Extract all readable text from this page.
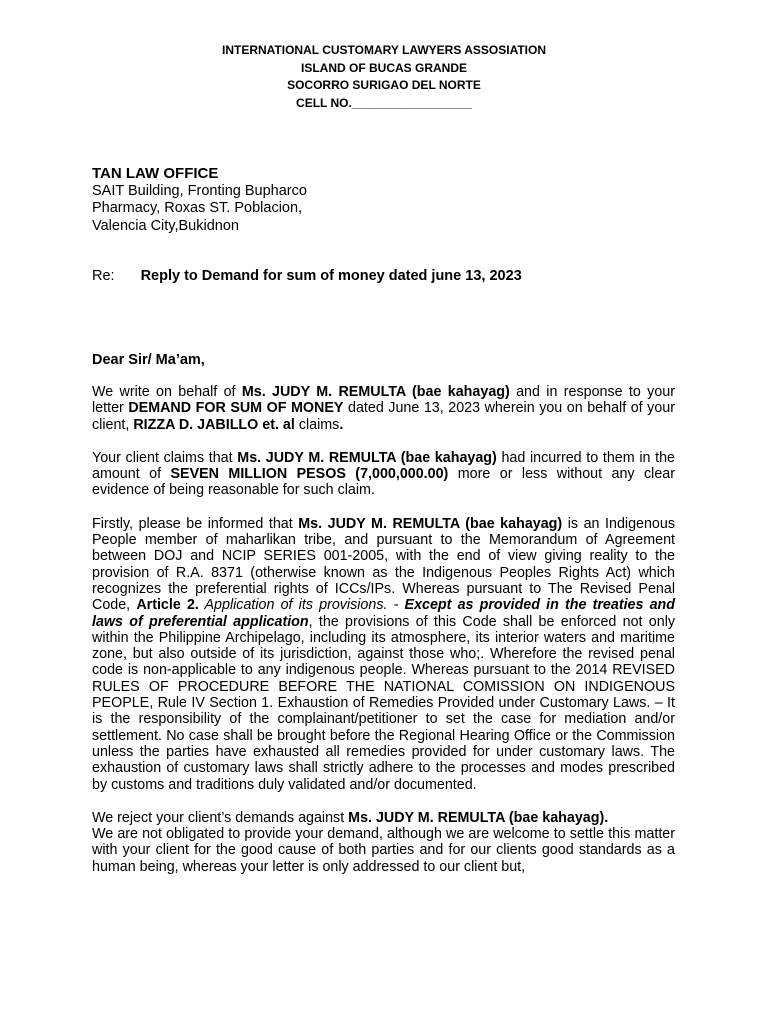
INTERNATIONAL CUSTOMARY LAWYERS ASSOSIATION
ISLAND OF BUCAS GRANDE
SOCORRO SURIGAO DEL NORTE
CELL NO.__________________
TAN LAW OFFICE
SAIT Building, Fronting Bupharco
Pharmacy, Roxas ST. Poblacion,
Valencia City,Bukidnon
Re: Reply to Demand for sum of money dated june 13, 2023
Dear Sir/ Ma’am,

We write on behalf of Ms. JUDY M. REMULTA (bae kahayag) and in response to your letter DEMAND FOR SUM OF MONEY dated June 13, 2023 wherein you on behalf of your client, RIZZA D. JABILLO et. al claims.

Your client claims that Ms. JUDY M. REMULTA (bae kahayag) had incurred to them in the amount of SEVEN MILLION PESOS (7,000,000.00) more or less without any clear evidence of being reasonable for such claim.

Firstly, please be informed that Ms. JUDY M. REMULTA (bae kahayag) is an Indigenous People member of maharlikan tribe, and pursuant to the Memorandum of Agreement between DOJ and NCIP SERIES 001-2005, with the end of view giving reality to the provision of R.A. 8371 (otherwise known as the Indigenous Peoples Rights Act) which recognizes the preferential rights of ICCs/IPs. Whereas pursuant to The Revised Penal Code, Article 2. Application of its provisions. - Except as provided in the treaties and laws of preferential application, the provisions of this Code shall be enforced not only within the Philippine Archipelago, including its atmosphere, its interior waters and maritime zone, but also outside of its jurisdiction, against those who;. Wherefore the revised penal code is non-applicable to any indigenous people. Whereas pursuant to the 2014 REVISED RULES OF PROCEDURE BEFORE THE NATIONAL COMISSION ON INDIGENOUS PEOPLE, Rule IV Section 1. Exhaustion of Remedies Provided under Customary Laws. – It is the responsibility of the complainant/petitioner to set the case for mediation and/or settlement. No case shall be brought before the Regional Hearing Office or the Commission unless the parties have exhausted all remedies provided for under customary laws. The exhaustion of customary laws shall strictly adhere to the processes and modes prescribed by customs and traditions duly validated and/or documented.

We reject your client’s demands against Ms. JUDY M. REMULTA (bae kahayag).

We are not obligated to provide your demand, although we are welcome to settle this matter with your client for the good cause of both parties and for our clients good standards as a human being, whereas your letter is only addressed to our client but,
